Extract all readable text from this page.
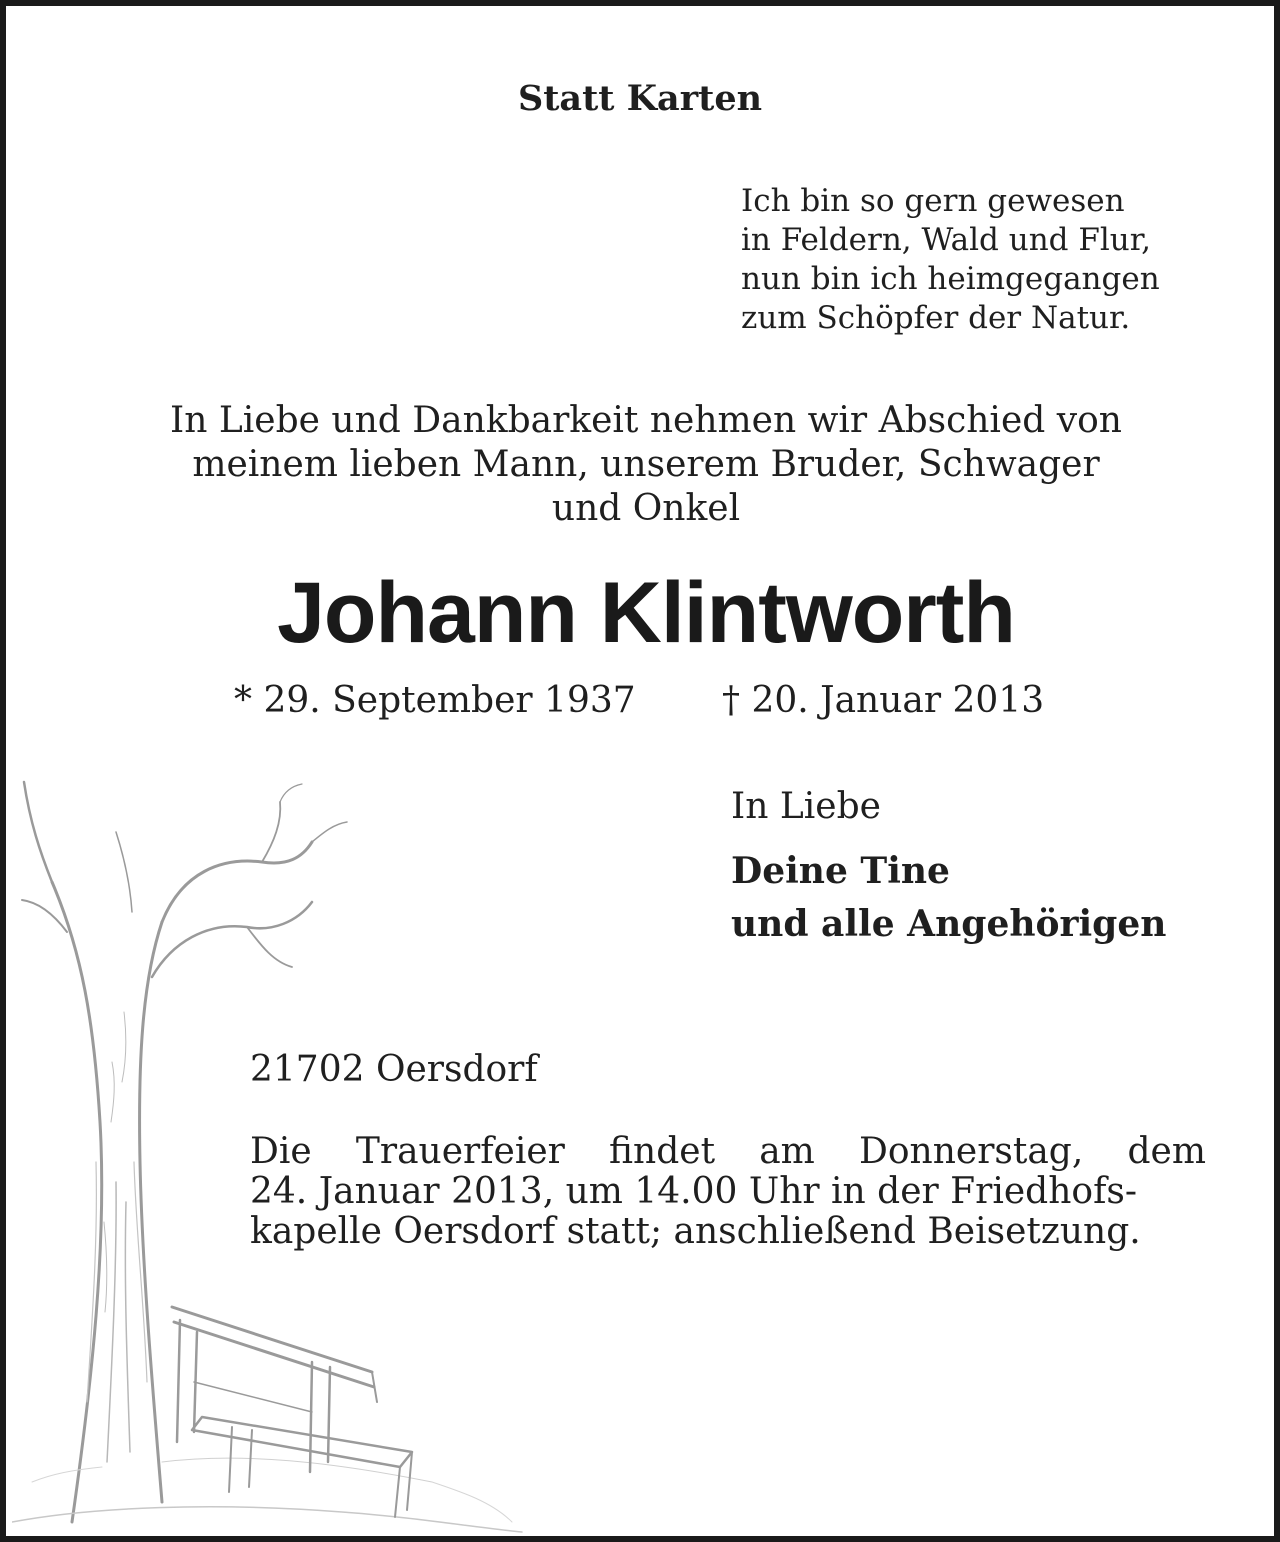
Statt Karten
Ich bin so gern gewesen
in Feldern, Wald und Flur,
nun bin ich heimgegangen
zum Schöpfer der Natur.
In Liebe und Dankbarkeit nehmen wir Abschied von
meinem lieben Mann, unserem Bruder, Schwager
und Onkel
Johann Klintworth
* 29. September 1937 † 20. Januar 2013
In Liebe
Deine Tine
und alle Angehörigen
21702 Oersdorf
Die Trauerfeier findet am Donnerstag, dem
24. Januar 2013, um 14.00 Uhr in der Friedhofs-
kapelle Oersdorf statt; anschließend Beisetzung.
